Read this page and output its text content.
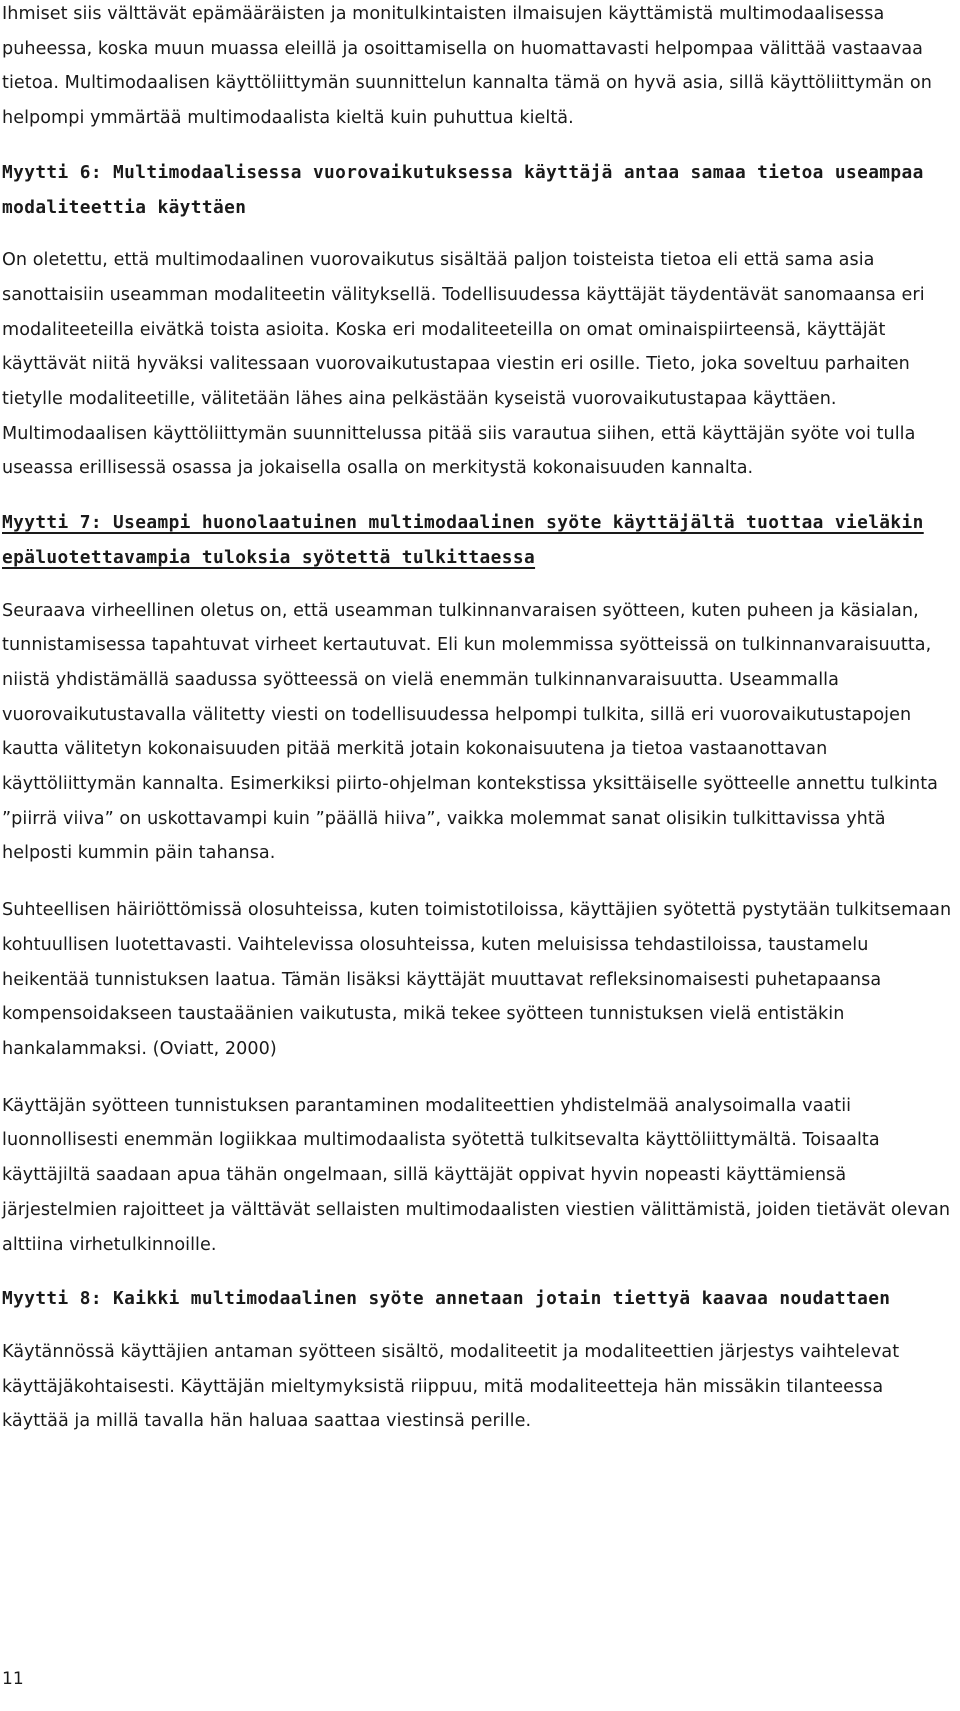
Ihmiset siis välttävät epämääräisten ja monitulkintaisten ilmaisujen käyttämistä multimodaalisessa puheessa, koska muun muassa eleillä ja osoittamisella on huomattavasti helpompaa välittää vastaavaa tietoa. Multimodaalisen käyttöliittymän suunnittelun kannalta tämä on hyvä asia, sillä käyttöliittymän on helpompi ymmärtää multimodaalista kieltä kuin puhuttua kieltä.

Myytti 6: Multimodaalisessa vuorovaikutuksessa käyttäjä antaa samaa tietoa useampaa modaliteettia käyttäen

On oletettu, että multimodaalinen vuorovaikutus sisältää paljon toisteista tietoa eli että sama asia sanottaisiin useamman modaliteetin välityksellä. Todellisuudessa käyttäjät täydentävät sanomaansa eri modaliteeteilla eivätkä toista asioita. Koska eri modaliteeteilla on omat ominaispiirteensä, käyttäjät käyttävät niitä hyväksi valitessaan vuorovaikutustapaa viestin eri osille. Tieto, joka soveltuu parhaiten tietylle modaliteetille, välitetään lähes aina pelkästään kyseistä vuorovaikutustapaa käyttäen. Multimodaalisen käyttöliittymän suunnittelussa pitää siis varautua siihen, että käyttäjän syöte voi tulla useassa erillisessä osassa ja jokaisella osalla on merkitystä kokonaisuuden kannalta.

Myytti 7: Useampi huonolaatuinen multimodaalinen syöte käyttäjältä tuottaa vieläkin epäluotettavampia tuloksia syötettä tulkittaessa

Seuraava virheellinen oletus on, että useamman tulkinnanvaraisen syötteen, kuten puheen ja käsialan, tunnistamisessa tapahtuvat virheet kertautuvat. Eli kun molemmissa syötteissä on tulkinnanvaraisuutta, niistä yhdistämällä saadussa syötteessä on vielä enemmän tulkinnanvaraisuutta. Useammalla vuorovaikutustavalla välitetty viesti on todellisuudessa helpompi tulkita, sillä eri vuorovaikutustapojen kautta välitetyn kokonaisuuden pitää merkitä jotain kokonaisuutena ja tietoa vastaanottavan käyttöliittymän kannalta. Esimerkiksi piirto-ohjelman kontekstissa yksittäiselle syötteelle annettu tulkinta ”piirrä viiva” on uskottavampi kuin ”päällä hiiva”, vaikka molemmat sanat olisikin tulkittavissa yhtä helposti kummin päin tahansa.

Suhteellisen häiriöttömissä olosuhteissa, kuten toimistotiloissa, käyttäjien syötettä pystytään tulkitsemaan kohtuullisen luotettavasti. Vaihtelevissa olosuhteissa, kuten meluisissa tehdastiloissa, taustamelu heikentää tunnistuksen laatua. Tämän lisäksi käyttäjät muuttavat refleksinomaisesti puhetapaansa kompensoidakseen taustaäänien vaikutusta, mikä tekee syötteen tunnistuksen vielä entistäkin hankalammaksi. (Oviatt, 2000)

Käyttäjän syötteen tunnistuksen parantaminen modaliteettien yhdistelmää analysoimalla vaatii luonnollisesti enemmän logiikkaa multimodaalista syötettä tulkitsevalta käyttöliittymältä. Toisaalta käyttäjiltä saadaan apua tähän ongelmaan, sillä käyttäjät oppivat hyvin nopeasti käyttämiensä järjestelmien rajoitteet ja välttävät sellaisten multimodaalisten viestien välittämistä, joiden tietävät olevan alttiina virhetulkinnoille.

Myytti 8: Kaikki multimodaalinen syöte annetaan jotain tiettyä kaavaa noudattaen

Käytännössä käyttäjien antaman syötteen sisältö, modaliteetit ja modaliteettien järjestys vaihtelevat käyttäjäkohtaisesti. Käyttäjän mieltymyksistä riippuu, mitä modaliteetteja hän missäkin tilanteessa käyttää ja millä tavalla hän haluaa saattaa viestinsä perille.

11
